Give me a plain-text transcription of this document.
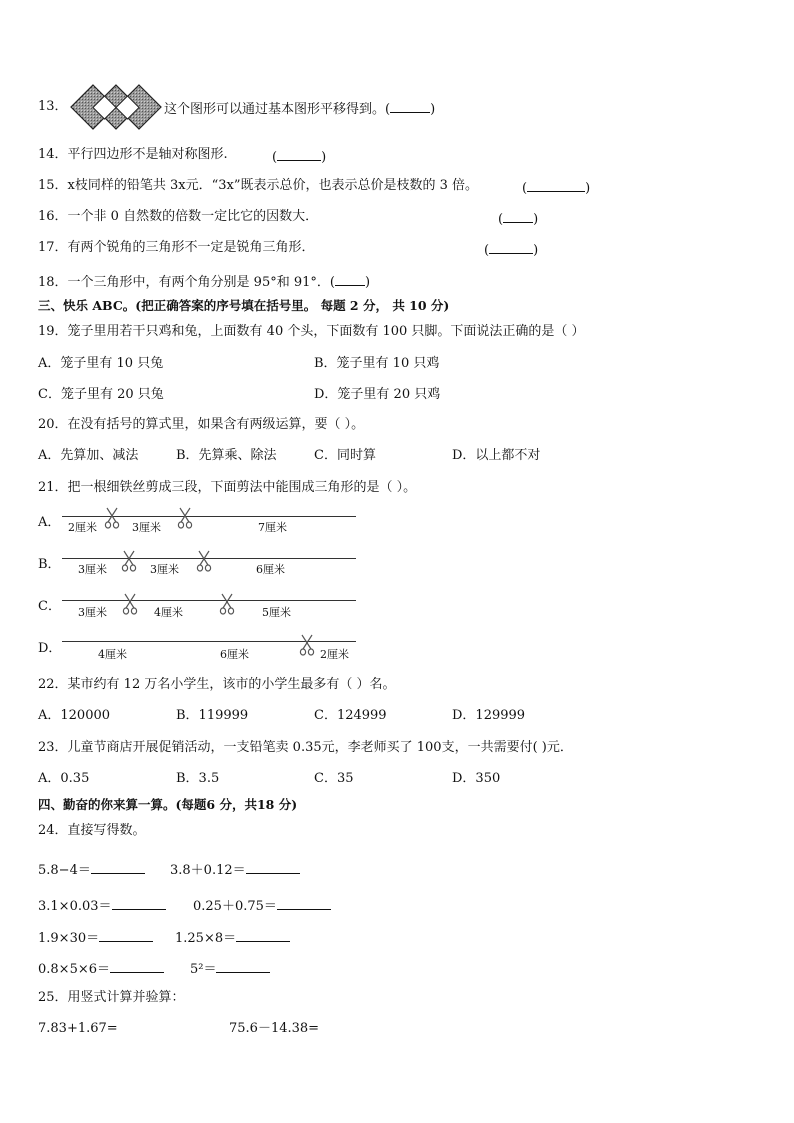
13．	这个图形可以通过基本图形平移得到。(	)
14．平行四边形不是轴对称图形.	(	)
15．x枝同样的铅笔共 3x元．“3x”既表示总价，也表示总价是枝数的 3 倍。	(	)
16．一个非 0 自然数的倍数一定比它的因数大．	( )
17．有两个锐角的三角形不一定是锐角三角形．	(	)
18．一个三角形中，有两个角分别是 95°和 91°．( )
三、快乐 ABC。(把正确答案的序号填在括号里。 每题 2 分， 共 10 分)
19．笼子里用若干只鸡和兔，上面数有 40 个头，下面数有 100 只脚。下面说法正确的是（ ）
A．笼子里有 10 只兔	B．笼子里有 10 只鸡
C．笼子里有 20 只兔	D．笼子里有 20 只鸡
20．在没有括号的算式里，如果含有两级运算，要（ ）。
A．先算加、减法	B．先算乘、除法	C．同时算	D．以上都不对
21．把一根细铁丝剪成三段，下面剪法中能围成三角形的是（ ）。
A． 2厘米	3厘米	7厘米
B． 3厘米	3厘米	6厘米
C． 3厘米	4厘米	5厘米
D．	4厘米	6厘米	2厘米
22．某市约有 12 万名小学生，该市的小学生最多有（ ）名。
A．120000	B．119999	C．124999	D．129999
23．儿童节商店开展促销活动，一支铅笔卖 0.35元，李老师买了 100支，一共需要付( )元．
A．0.35	B．3.5	C．35	D．350
四、勤奋的你来算一算。(每题6 分，共18 分)
24．直接写得数。
5.8−4＝	3.8＋0.12＝
3.1×0.03＝	0.25＋0.75＝
1.9×30＝	1.25×8＝
0.8×5×6＝	5²＝
25．用竖式计算并验算：
7.83+1.67=	75.6－14.38=
